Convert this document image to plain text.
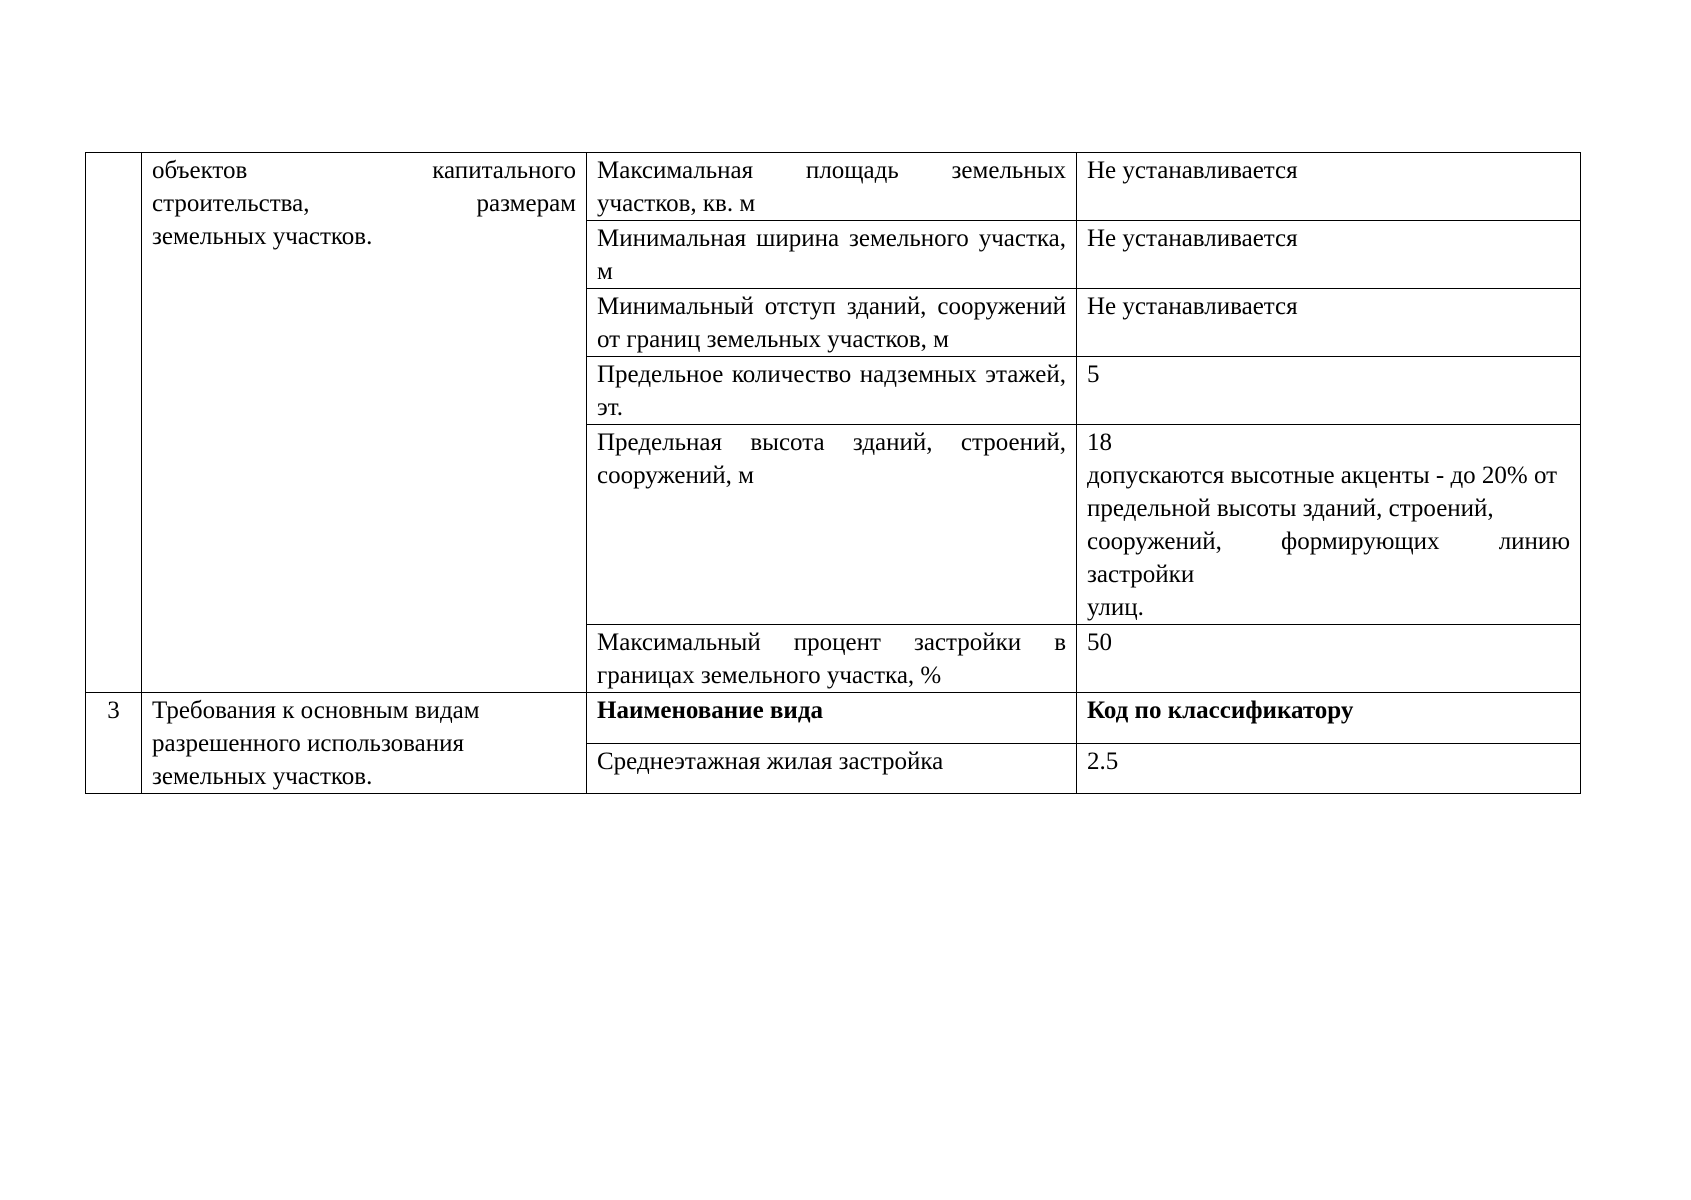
	объектов капитального
строительства, размерам
земельных участков.	Максимальная площадь земельных участков, кв. м	Не устанавливается

		Минимальная ширина земельного участка, м	Не устанавливается

		Минимальный отступ зданий, сооружений от границ земельных участков, м	Не устанавливается

		Предельное количество надземных этажей, эт.	5

		Предельная высота зданий, строений, сооружений, м	18
допускаются высотные акценты - до 20% от
предельной высоты зданий, строений,
сооружений, формирующих линию застройки
улиц.

		Максимальный процент застройки в границах земельного участка, %	50

3	Требования к основным видам
разрешенного использования
земельных участков.	Наименование вида	Код по классификатору
		Среднеэтажная жилая застройка	2.5
